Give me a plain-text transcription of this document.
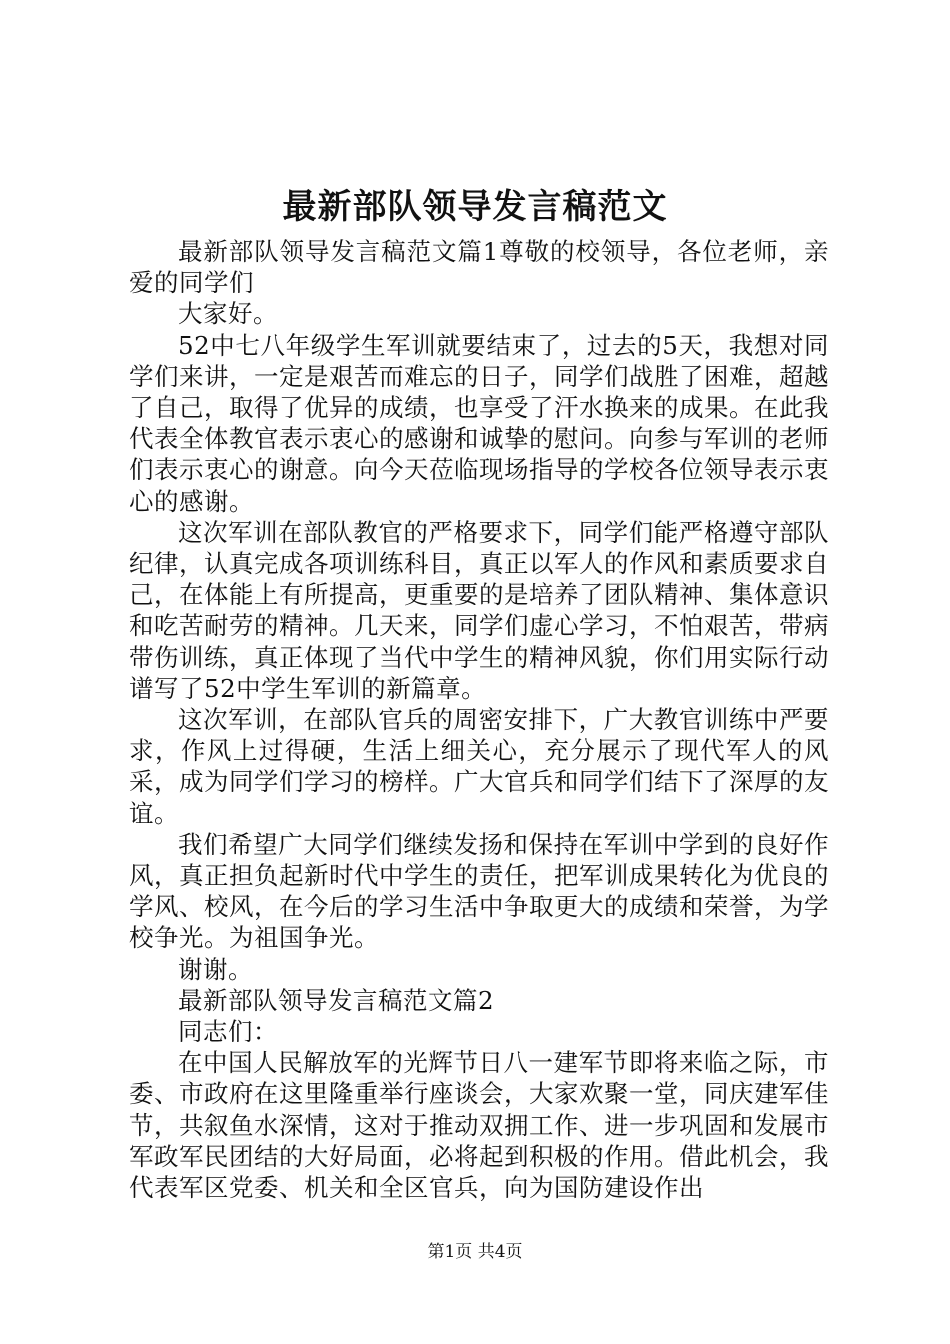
最新部队领导发言稿范文

最新部队领导发言稿范文篇1尊敬的校领导，各位老师，亲爱的同学们

大家好。

52中七八年级学生军训就要结束了，过去的5天，我想对同学们来讲，一定是艰苦而难忘的日子，同学们战胜了困难，超越了自己，取得了优异的成绩，也享受了汗水换来的成果。在此我代表全体教官表示衷心的感谢和诚挚的慰问。向参与军训的老师们表示衷心的谢意。向今天莅临现场指导的学校各位领导表示衷心的感谢。

这次军训在部队教官的严格要求下，同学们能严格遵守部队纪律，认真完成各项训练科目，真正以军人的作风和素质要求自己，在体能上有所提高，更重要的是培养了团队精神、集体意识和吃苦耐劳的精神。几天来，同学们虚心学习，不怕艰苦，带病带伤训练，真正体现了当代中学生的精神风貌，你们用实际行动谱写了52中学生军训的新篇章。

这次军训，在部队官兵的周密安排下，广大教官训练中严要求，作风上过得硬，生活上细关心，充分展示了现代军人的风采，成为同学们学习的榜样。广大官兵和同学们结下了深厚的友谊。

我们希望广大同学们继续发扬和保持在军训中学到的良好作风，真正担负起新时代中学生的责任，把军训成果转化为优良的学风、校风，在今后的学习生活中争取更大的成绩和荣誉，为学校争光。为祖国争光。

谢谢。

最新部队领导发言稿范文篇2

同志们：

在中国人民解放军的光辉节日八一建军节即将来临之际，市委、市政府在这里隆重举行座谈会，大家欢聚一堂，同庆建军佳节，共叙鱼水深情，这对于推动双拥工作、进一步巩固和发展市军政军民团结的大好局面，必将起到积极的作用。借此机会，我代表军区党委、机关和全区官兵，向为国防建设作出

第1页 共4页
